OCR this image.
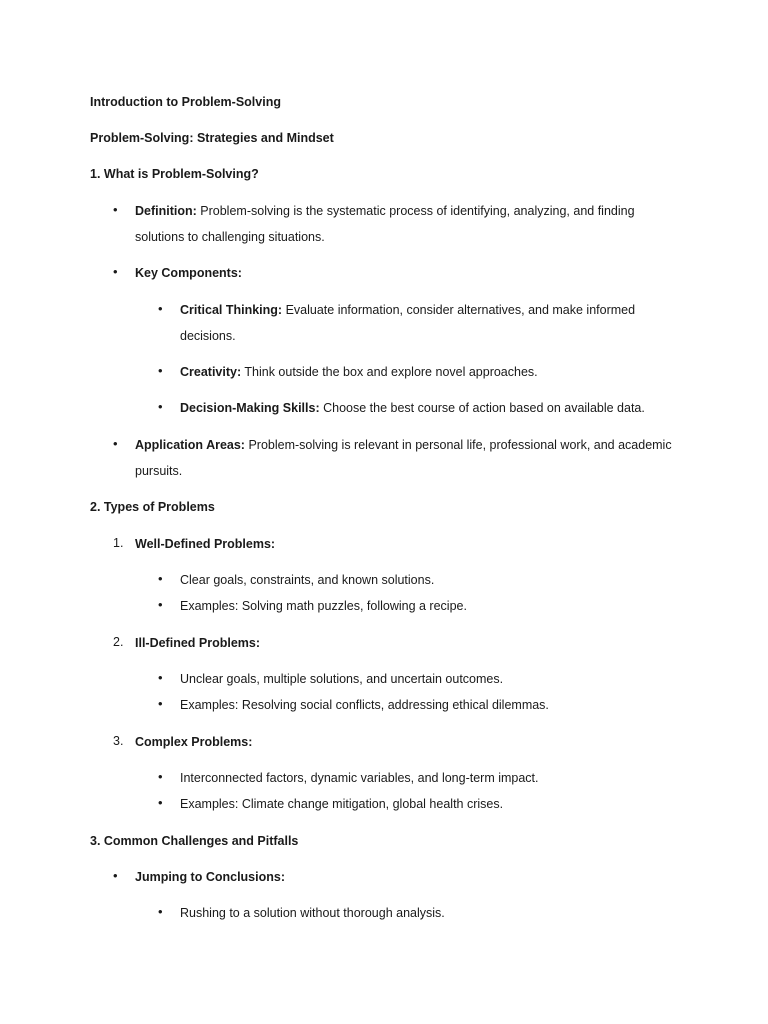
Introduction to Problem-Solving
Problem-Solving: Strategies and Mindset
1. What is Problem-Solving?
• Definition: Problem-solving is the systematic process of identifying, analyzing, and finding
solutions to challenging situations.
• Key Components:
• Critical Thinking: Evaluate information, consider alternatives, and make informed
decisions.
• Creativity: Think outside the box and explore novel approaches.
• Decision-Making Skills: Choose the best course of action based on available data.
• Application Areas: Problem-solving is relevant in personal life, professional work, and academic
pursuits.
2. Types of Problems
1. Well-Defined Problems:
• Clear goals, constraints, and known solutions.
• Examples: Solving math puzzles, following a recipe.
2. Ill-Defined Problems:
• Unclear goals, multiple solutions, and uncertain outcomes.
• Examples: Resolving social conflicts, addressing ethical dilemmas.
3. Complex Problems:
• Interconnected factors, dynamic variables, and long-term impact.
• Examples: Climate change mitigation, global health crises.
3. Common Challenges and Pitfalls
• Jumping to Conclusions:
• Rushing to a solution without thorough analysis.
